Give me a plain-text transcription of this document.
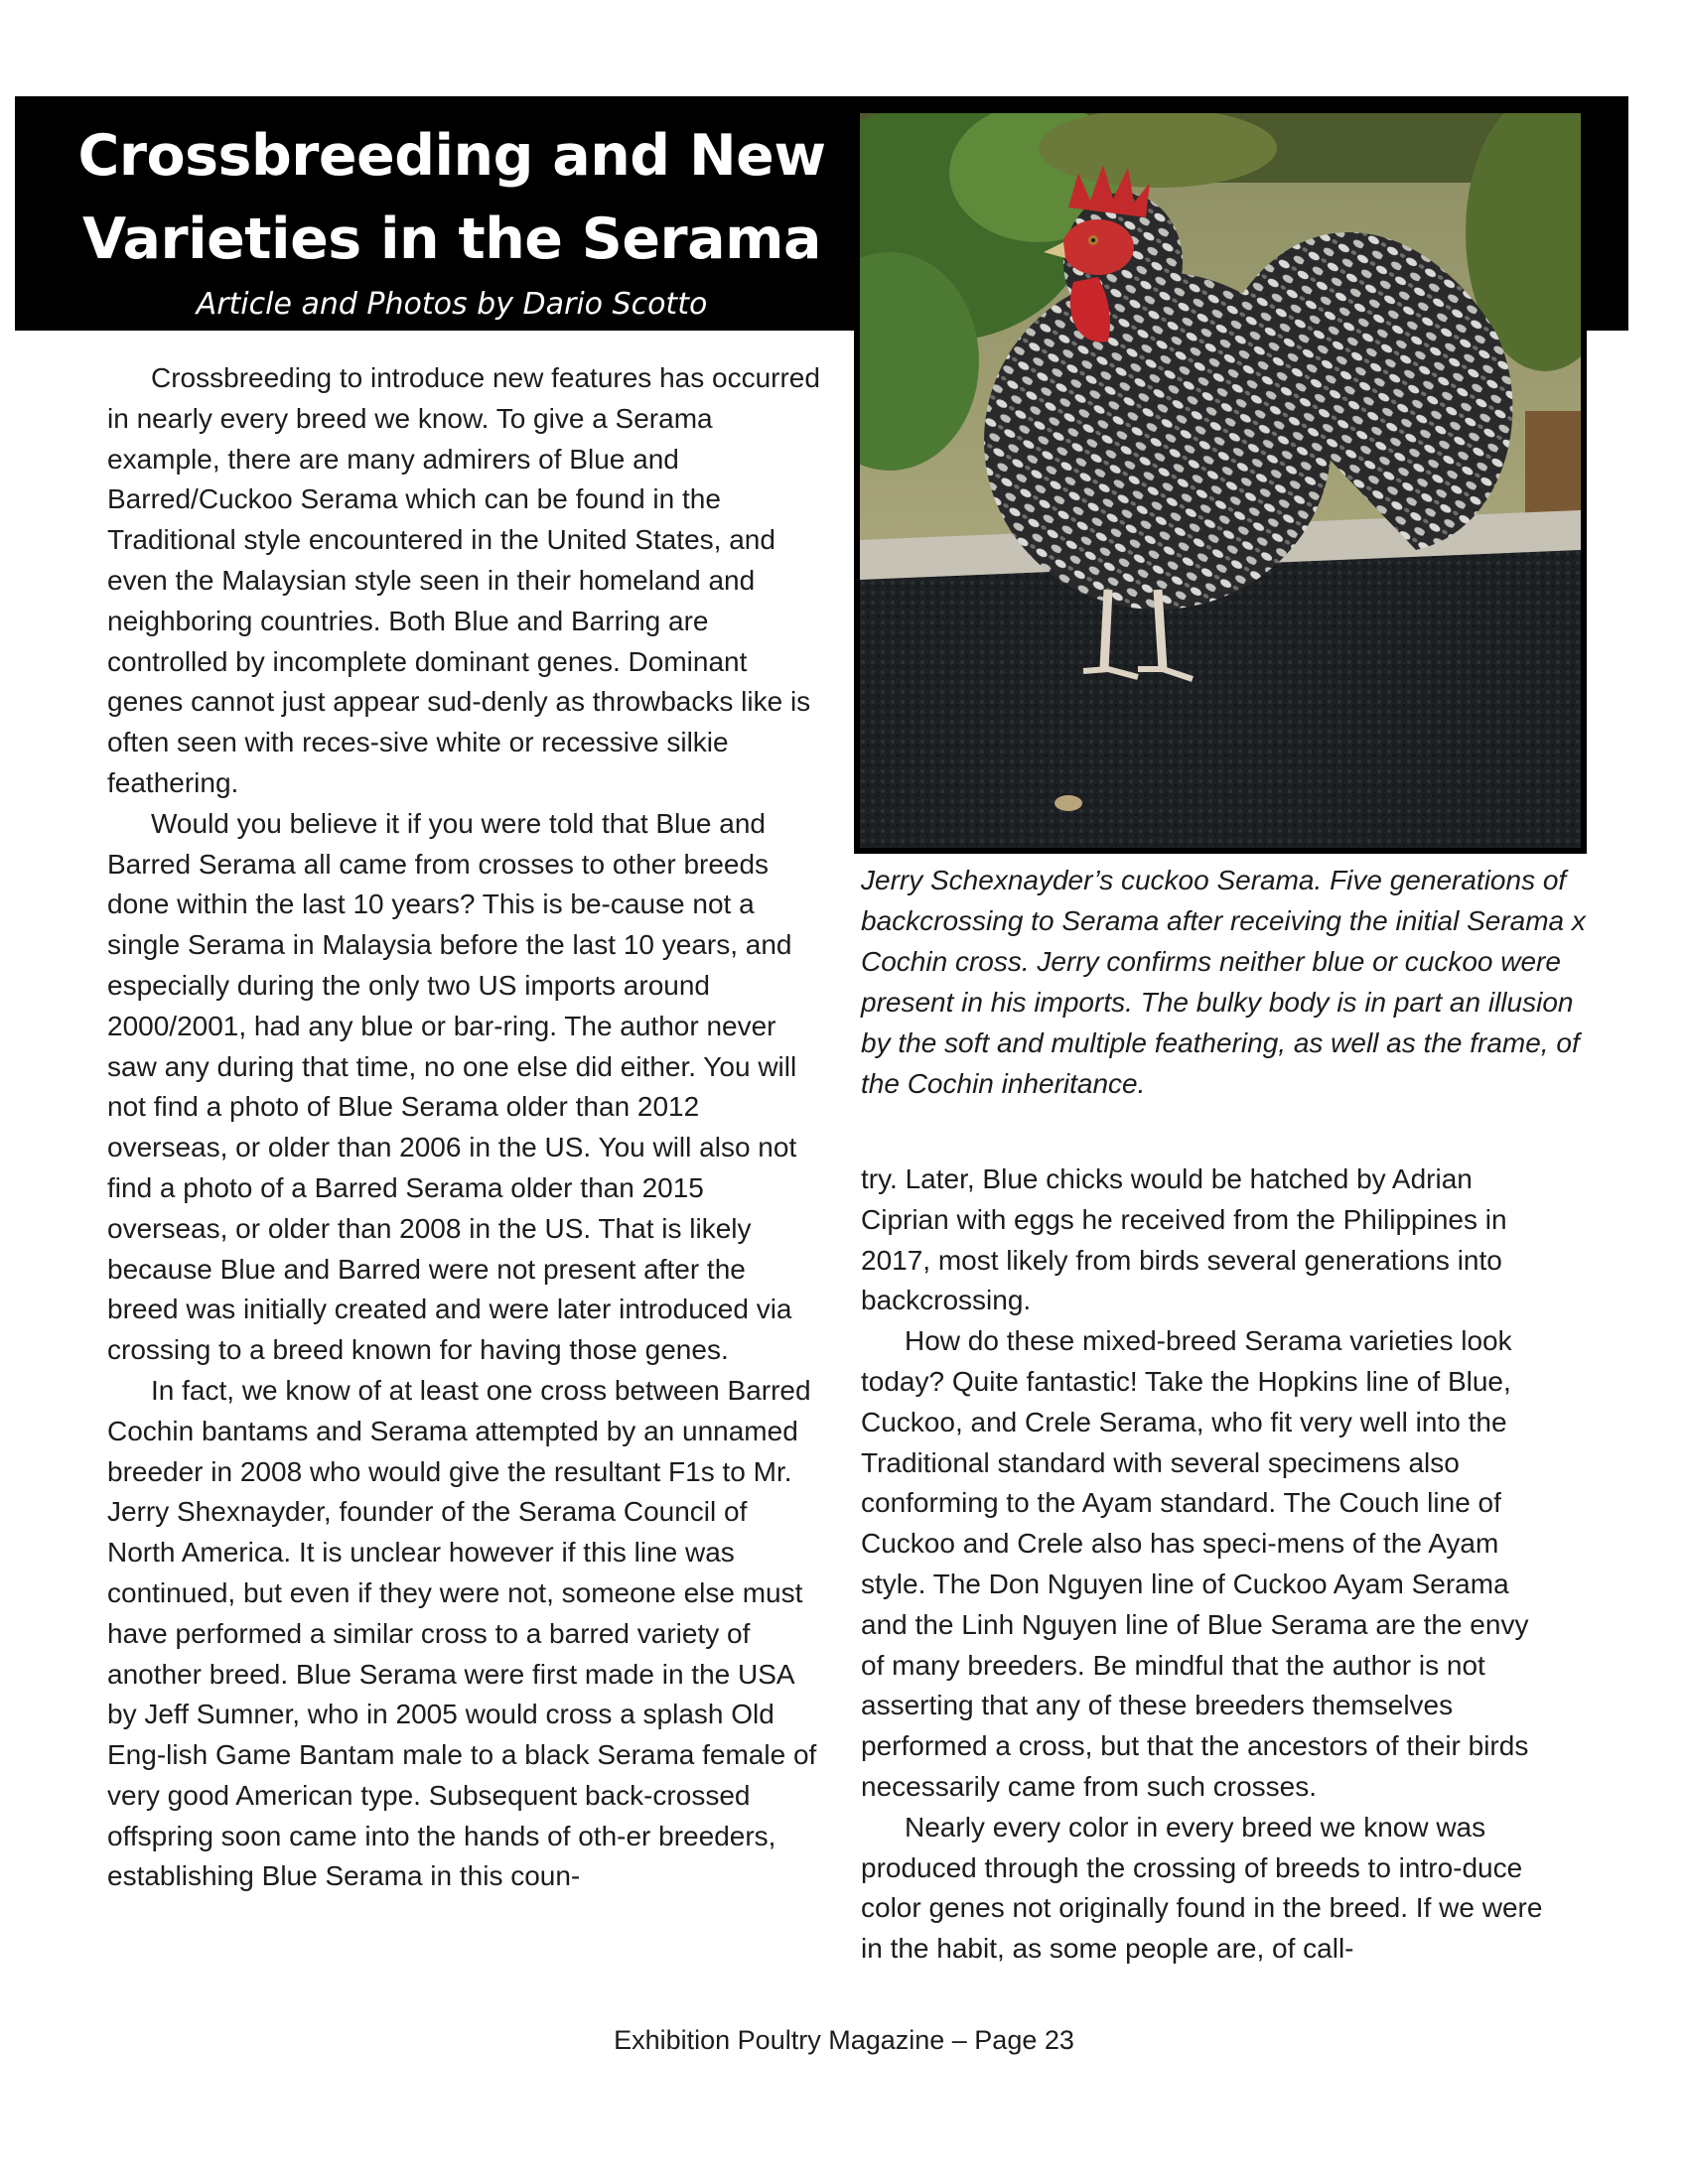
Crossbreeding and New
Varieties in the Serama
Article and Photos by Dario Scotto
Jerry Schexnayder’s cuckoo Serama. Five generations of backcrossing to Serama after receiving the initial Serama x Cochin cross. Jerry confirms neither blue or cuckoo were present in his imports. The bulky body is in part an illusion by the soft and multiple feathering, as well as the frame, of the Cochin inheritance.

Crossbreeding to introduce new features has occurred in nearly every breed we know. To give a Serama example, there are many admirers of Blue and Barred/Cuckoo Serama which can be found in the Traditional style encountered in the United States, and even the Malaysian style seen in their homeland and neighboring countries. Both Blue and Barring are controlled by incomplete dominant genes. Dominant genes cannot just appear sud-denly as throwbacks like is often seen with reces-sive white or recessive silkie feathering.

Would you believe it if you were told that Blue and Barred Serama all came from crosses to other breeds done within the last 10 years? This is be-cause not a single Serama in Malaysia before the last 10 years, and especially during the only two US imports around 2000/2001, had any blue or bar-ring. The author never saw any during that time, no one else did either. You will not find a photo of Blue Serama older than 2012 overseas, or older than 2006 in the US. You will also not find a photo of a Barred Serama older than 2015 overseas, or older than 2008 in the US. That is likely because Blue and Barred were not present after the breed was initially created and were later introduced via crossing to a breed known for having those genes.

In fact, we know of at least one cross between Barred Cochin bantams and Serama attempted by an unnamed breeder in 2008 who would give the resultant F1s to Mr. Jerry Shexnayder, founder of the Serama Council of North America. It is unclear however if this line was continued, but even if they were not, someone else must have performed a similar cross to a barred variety of another breed. Blue Serama were first made in the USA by Jeff Sumner, who in 2005 would cross a splash Old Eng-lish Game Bantam male to a black Serama female of very good American type. Subsequent back-crossed offspring soon came into the hands of oth-er breeders, establishing Blue Serama in this coun-

try. Later, Blue chicks would be hatched by Adrian Ciprian with eggs he received from the Philippines in 2017, most likely from birds several generations into backcrossing.

How do these mixed-breed Serama varieties look today? Quite fantastic! Take the Hopkins line of Blue, Cuckoo, and Crele Serama, who fit very well into the Traditional standard with several specimens also conforming to the Ayam standard. The Couch line of Cuckoo and Crele also has speci-mens of the Ayam style. The Don Nguyen line of Cuckoo Ayam Serama and the Linh Nguyen line of Blue Serama are the envy of many breeders. Be mindful that the author is not asserting that any of these breeders themselves performed a cross, but that the ancestors of their birds necessarily came from such crosses.

Nearly every color in every breed we know was produced through the crossing of breeds to intro-duce color genes not originally found in the breed. If we were in the habit, as some people are, of call-

Exhibition Poultry Magazine – Page 23
